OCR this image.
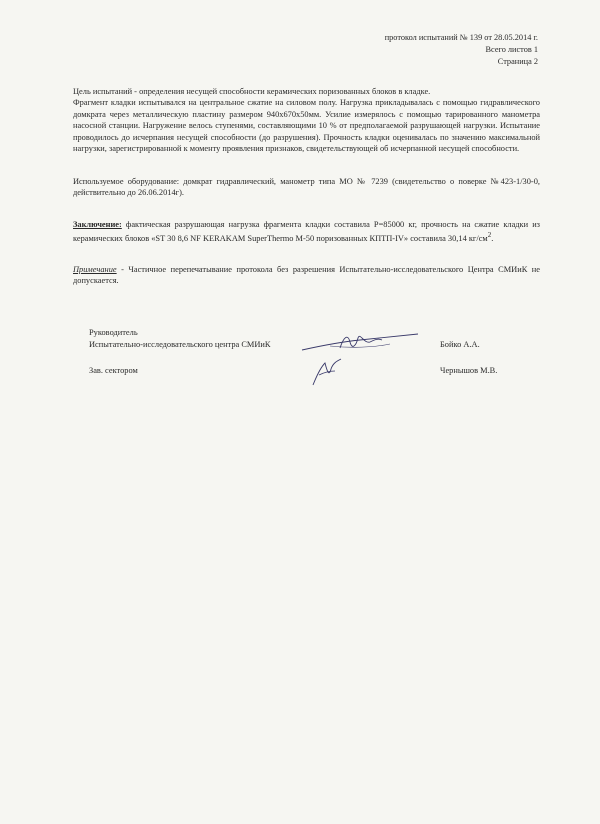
протокол испытаний № 139 от 28.05.2014 г.
Всего листов 1
Страница 2

Цель испытаний - определения несущей способности керамических поризованных блоков в кладке.

Фрагмент кладки испытывался на центральное сжатие на силовом полу. Нагрузка прикладывалась с помощью гидравлического домкрата через металлическую пластину размером 940х670х50мм. Усилие измерялось с помощью тарированного манометра насосной станции. Нагружение велось ступенями, составляющими 10 % от предполагаемой разрушающей нагрузки. Испытание проводилось до исчерпания несущей способности (до разрушения). Прочность кладки оценивалась по значению максимальной нагрузки, зарегистрированной к моменту проявления признаков, свидетельствующей об исчерпанной несущей способности.

Используемое оборудование: домкрат гидравлический, манометр типа МО № 7239 (свидетельство о поверке №423-1/30-0, действительно до 26.06.2014г).

Заключение: фактическая разрушающая нагрузка фрагмента кладки составила P=85000 кг, прочность на сжатие кладки из керамических блоков «ST 30 8,6 NF KERAKAM SuperThermo М-50 поризованных КПТП-IV» составила 30,14 $кг/см^2$.

Примечание - Частичное перепечатывание протокола без разрешения Испытательно-исследовательского Центра СМИиК не допускается.

Руководитель
Испытательно-исследовательского центра СМИиК
Зав. сектором
Бойко А.А.
Чернышов М.В.
